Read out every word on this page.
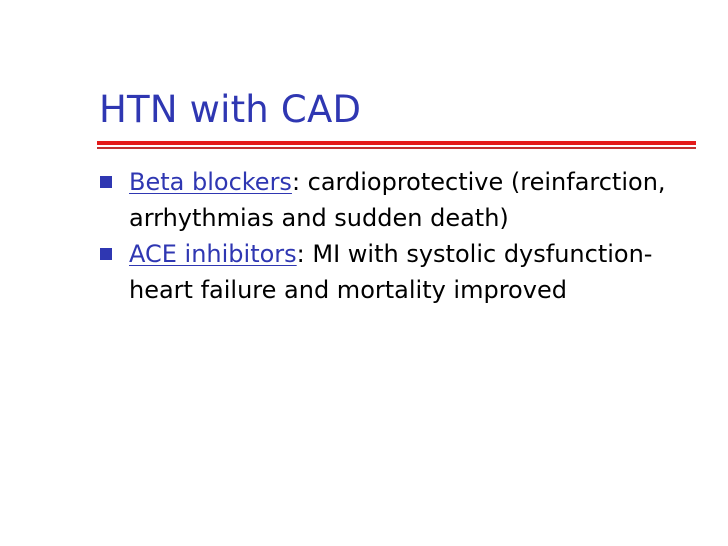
HTN with CAD
Beta blockers: cardioprotective (reinfarction, arrhythmias and sudden death)
ACE inhibitors: MI with systolic dysfunction- heart failure and mortality improved
